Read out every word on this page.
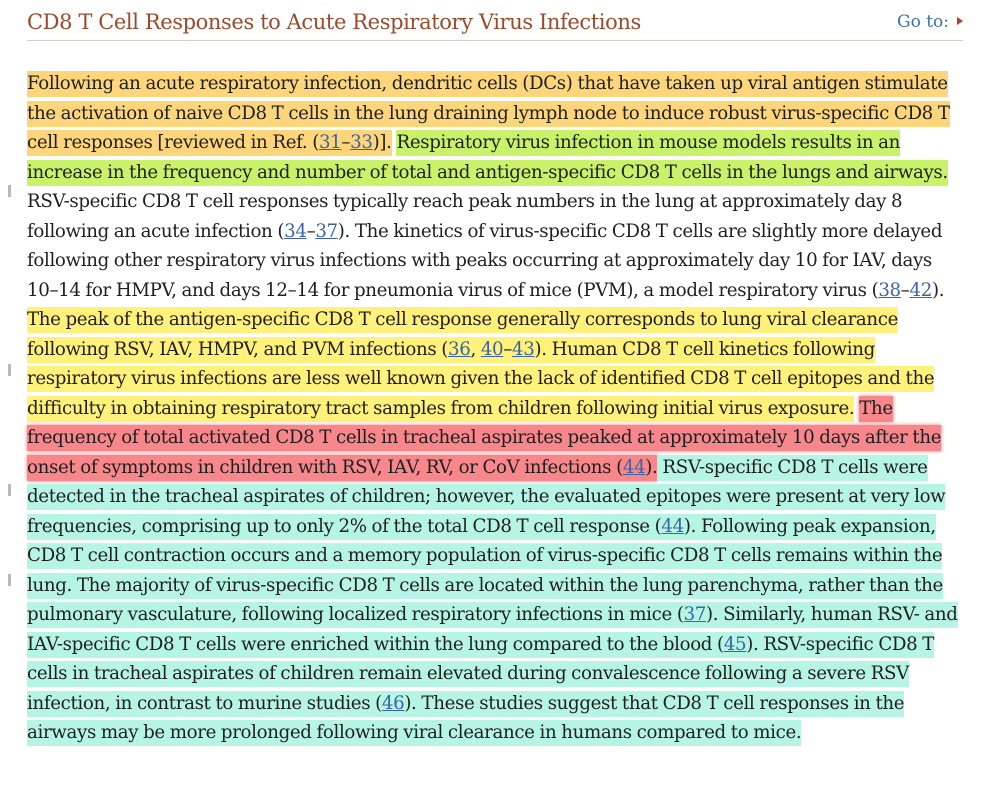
CD8 T Cell Responses to Acute Respiratory Virus Infections	Go to:

Following an acute respiratory infection, dendritic cells (DCs) that have taken up viral antigen stimulate the activation of naive CD8 T cells in the lung draining lymph node to induce robust virus-specific CD8 T cell responses [reviewed in Ref. (31–33)]. Respiratory virus infection in mouse models results in an increase in the frequency and number of total and antigen-specific CD8 T cells in the lungs and airways. RSV-specific CD8 T cell responses typically reach peak numbers in the lung at approximately day 8 following an acute infection (34–37). The kinetics of virus-specific CD8 T cells are slightly more delayed following other respiratory virus infections with peaks occurring at approximately day 10 for IAV, days 10–14 for HMPV, and days 12–14 for pneumonia virus of mice (PVM), a model respiratory virus (38–42). The peak of the antigen-specific CD8 T cell response generally corresponds to lung viral clearance following RSV, IAV, HMPV, and PVM infections (36, 40–43). Human CD8 T cell kinetics following respiratory virus infections are less well known given the lack of identified CD8 T cell epitopes and the difficulty in obtaining respiratory tract samples from children following initial virus exposure. The frequency of total activated CD8 T cells in tracheal aspirates peaked at approximately 10 days after the onset of symptoms in children with RSV, IAV, RV, or CoV infections (44). RSV-specific CD8 T cells were detected in the tracheal aspirates of children; however, the evaluated epitopes were present at very low frequencies, comprising up to only 2% of the total CD8 T cell response (44). Following peak expansion, CD8 T cell contraction occurs and a memory population of virus-specific CD8 T cells remains within the lung. The majority of virus-specific CD8 T cells are located within the lung parenchyma, rather than the pulmonary vasculature, following localized respiratory infections in mice (37). Similarly, human RSV- and IAV-specific CD8 T cells were enriched within the lung compared to the blood (45). RSV-specific CD8 T cells in tracheal aspirates of children remain elevated during convalescence following a severe RSV infection, in contrast to murine studies (46). These studies suggest that CD8 T cell responses in the airways may be more prolonged following viral clearance in humans compared to mice.
